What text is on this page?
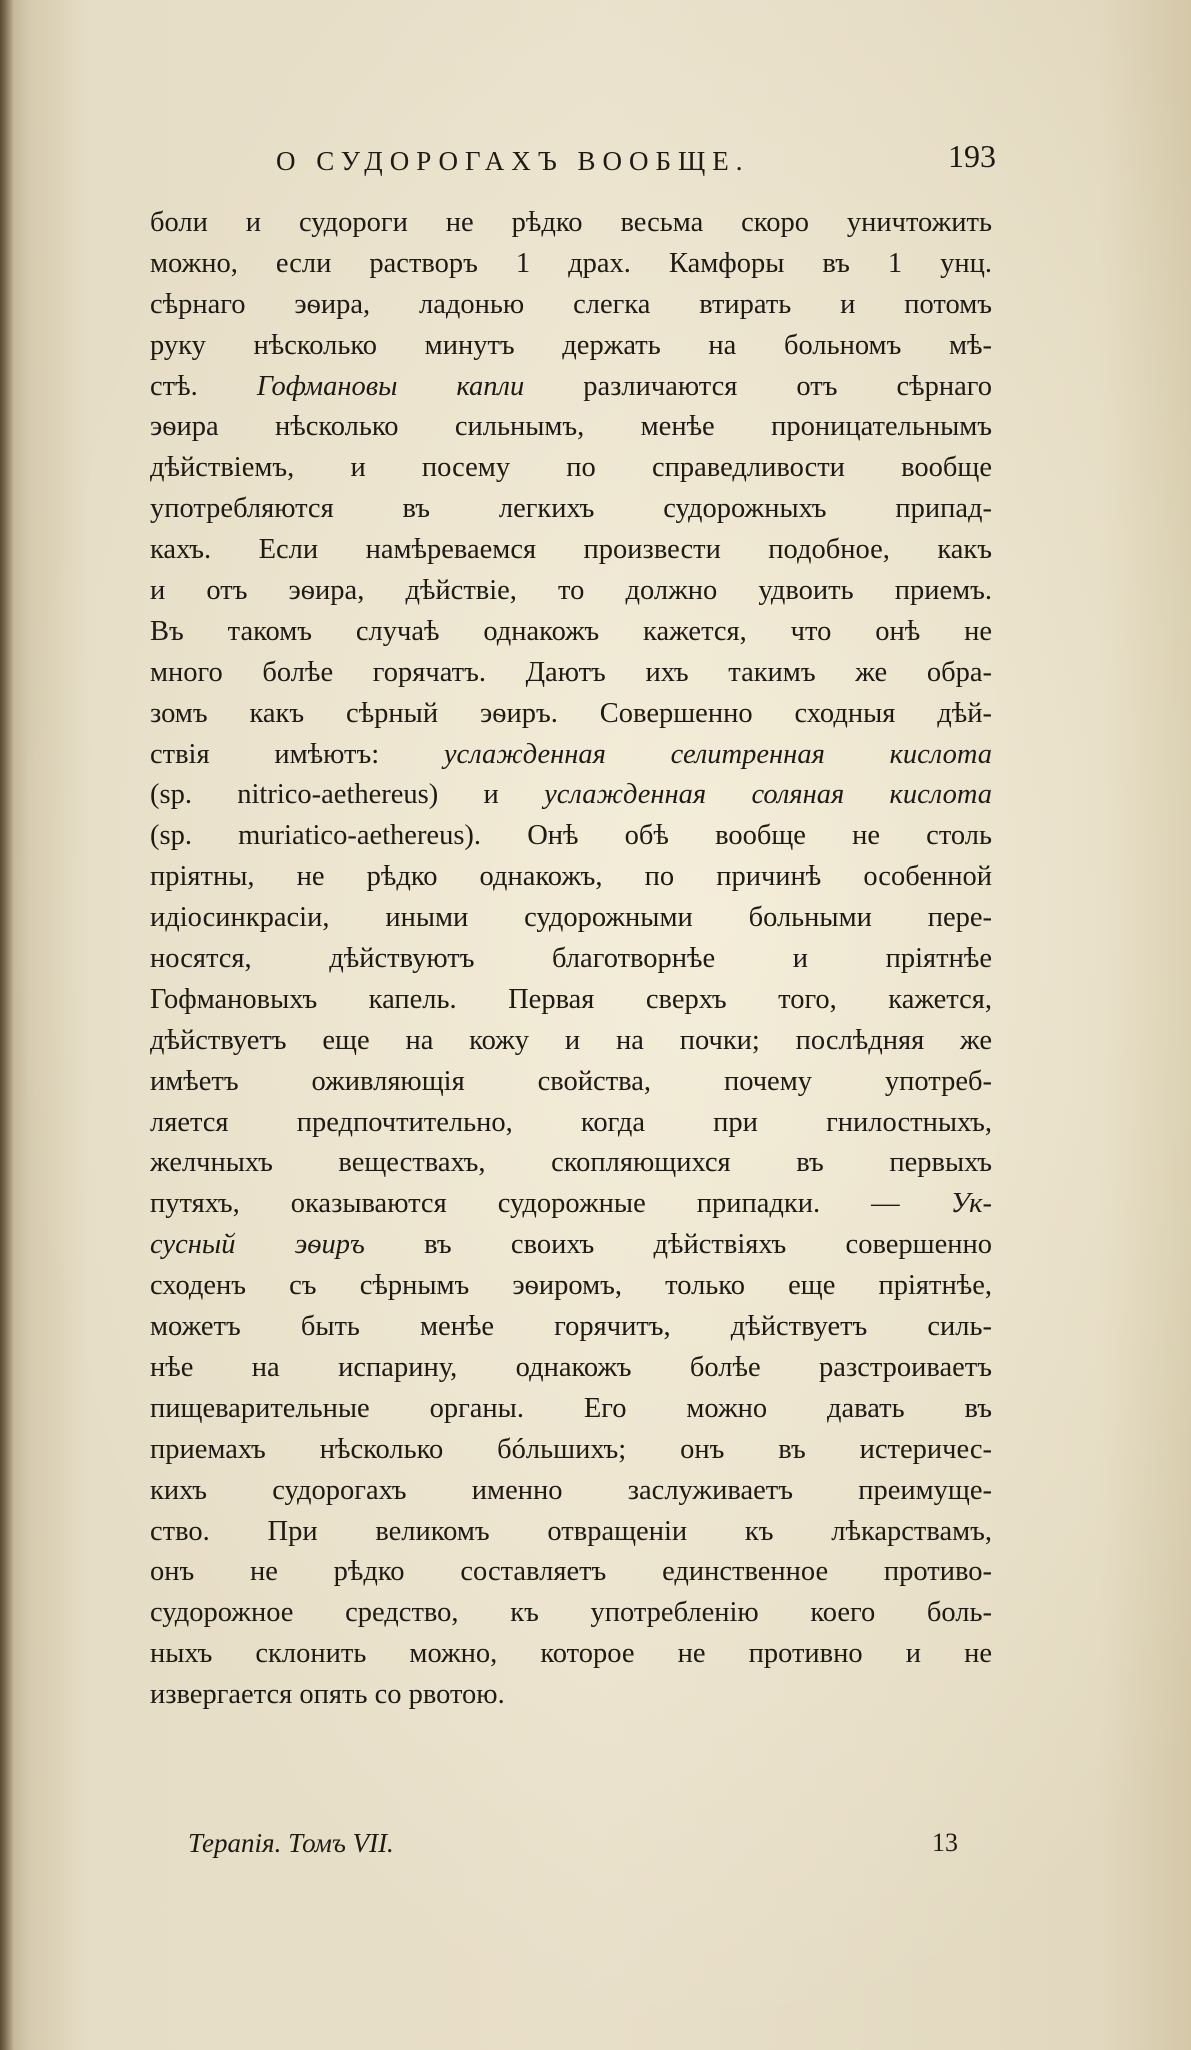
О СУДОРОГАХЪ ВООБЩЕ.	193
боли и судороги не рѣдко весьма скоро уничтожить
можно, если растворъ 1 драх. Камфоры въ 1 унц.
сѣрнаго эѳира, ладонью слегка втирать и потомъ
руку нѣсколько минутъ держать на больномъ мѣ-
стѣ. Гофмановы капли различаются отъ сѣрнаго
эѳира нѣсколько сильнымъ, менѣе проницательнымъ
дѣйствіемъ, и посему по справедливости вообще
употребляются въ легкихъ судорожныхъ припад-
кахъ. Если намѣреваемся произвести подобное, какъ
и отъ эѳира, дѣйствіе, то должно удвоить приемъ.
Въ такомъ случаѣ однакожъ кажется, что онѣ не
много болѣе горячатъ. Даютъ ихъ такимъ же обра-
зомъ какъ сѣрный эѳиръ. Совершенно сходныя дѣй-
ствія имѣютъ: услажденная селитренная кислота
(sp. nitrico-aethereus) и услажденная соляная кислота
(sp. muriatico-aethereus). Онѣ обѣ вообще не столь
пріятны, не рѣдко однакожъ, по причинѣ особенной
идіосинкрасіи, иными судорожными больными пере-
носятся, дѣйствуютъ благотворнѣе и пріятнѣе
Гофмановыхъ капель. Первая сверхъ того, кажется,
дѣйствуетъ еще на кожу и на почки; послѣдняя же
имѣетъ оживляющія свойства, почему употреб-
ляется предпочтительно, когда при гнилостныхъ,
желчныхъ веществахъ, скопляющихся въ первыхъ
путяхъ, оказываются судорожные припадки. — Ук-
сусный эѳиръ въ своихъ дѣйствіяхъ совершенно
сходенъ съ сѣрнымъ эѳиромъ, только еще пріятнѣе,
можетъ быть менѣе горячитъ, дѣйствуетъ силь-
нѣе на испарину, однакожъ болѣе разстроиваетъ
пищеварительные органы. Его можно давать въ
приемахъ нѣсколько бóльшихъ; онъ въ истеричес-
кихъ судорогахъ именно заслуживаетъ преимуще-
ство. При великомъ отвращеніи къ лѣкарствамъ,
онъ не рѣдко составляетъ единственное противо-
судорожное средство, къ употребленію коего боль-
ныхъ склонить можно, которое не противно и не
извергается опять со рвотою.
Терапія. Томъ VII.	13
